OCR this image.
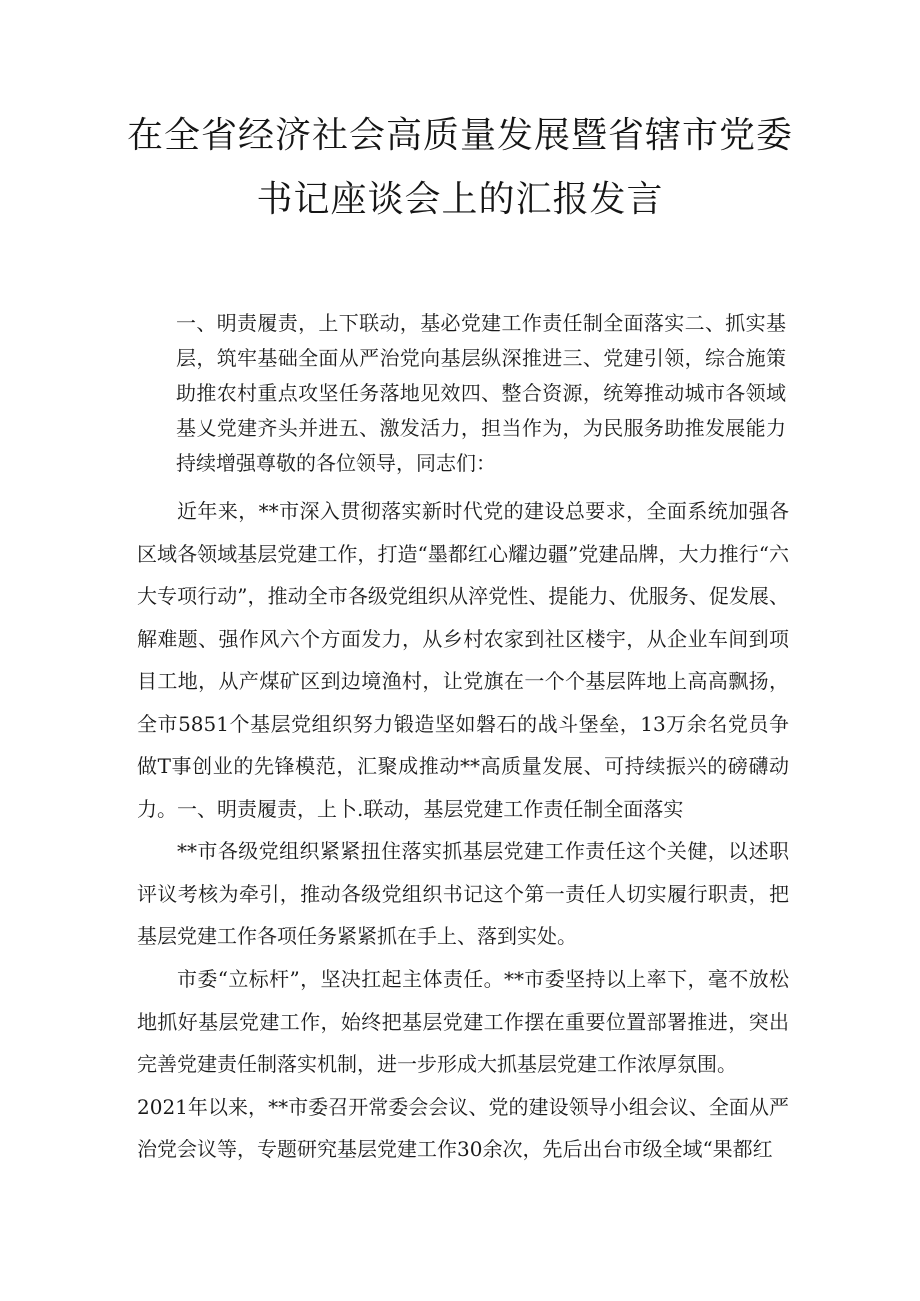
在全省经济社会高质量发展暨省辖市党委
书记座谈会上的汇报发言

一、明责履责，上下联动，基必党建工作责任制全面落实二、抓实基层，筑牢基础全面从严治党向基层纵深推进三、党建引领，综合施策助推农村重点攻坚任务落地见效四、整合资源，统筹推动城市各领域基乂党建齐头并进五、激发活力，担当作为，为民服务助推发展能力持续增强尊敬的各位领导，同志们：

近年来，**市深入贯彻落实新时代党的建设总要求，全面系统加强各区域各领域基层党建工作，打造“墨都红心耀边疆”党建品牌，大力推行“六大专项行动”，推动全市各级党组织从淬党性、提能力、优服务、促发展、解难题、强作风六个方面发力，从乡村农家到社区楼宇，从企业车间到项目工地，从产煤矿区到边境渔村，让党旗在一个个基层阵地上高高飘扬，全市5851个基层党组织努力锻造坚如磐石的战斗堡垒，13万余名党员争做T事创业的先锋模范，汇聚成推动**高质量发展、可持续振兴的磅礴动力。 一、明责履责，上卜.联动，基层党建工作责任制全面落实

**市各级党组织紧紧扭住落实抓基层党建工作责任这个关健，以述职评议考核为牵引，推动各级党组织书记这个第一责任人切实履行职责，把基层党建工作各项任务紧紧抓在手上、落到实处。

市委“立标杆”，坚决扛起主体责任。**市委坚持以上率下，毫不放松地抓好基层党建工作，始终把基层党建工作摆在重要位置部署推进，突出完善党建责任制落实机制，进一步形成大抓基层党建工作浓厚氛围。
2021年以来，**市委召开常委会会议、党的建设领导小组会议、全面从严治党会议等，专题研究基层党建工作30余次，先后出台市级全域“果都红
